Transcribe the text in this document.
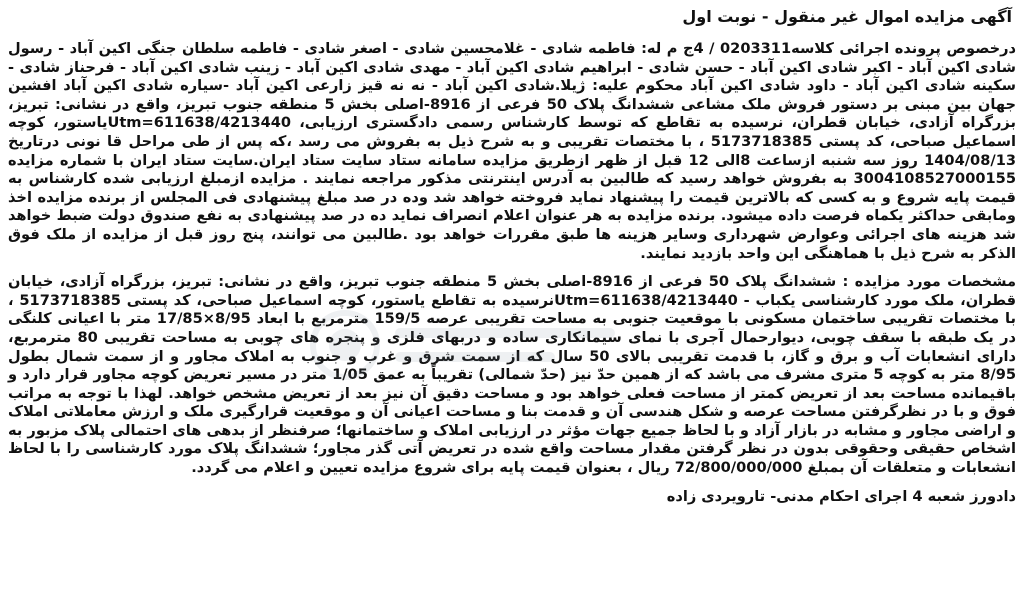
آگهی مزایده اموال غیر منقول - نوبت اول

درخصوص پرونده اجرائی کلاسه0203311 / 4ج م له: فاطمه شادی - غلامحسین شادی - اصغر شادی - فاطمه سلطان جنگی اکین آباد - رسول شادی اکین آباد - اکبر شادی اکین آباد - حسن شادی - ابراهیم شادی اکین آباد - مهدی شادی اکین آباد - زینب شادی اکین آباد - فرحناز شادی - سکینه شادی اکین آباد - داود شادی اکین آباد محکوم علیه: ژیلا.شادی اکین آباد - نه نه قیز زارعی اکین آباد -سیاره شادی اکین آباد افشین جهان بین مبنی بر دستور فروش ملک مشاعی ششدانگ پلاک 50 فرعی از 8916-اصلی بخش 5 منطقه جنوب تبریز، واقع در نشانی: تبریز، بزرگراه آزادی، خیابان قطران، نرسیده به تقاطع که توسط کارشناس رسمی دادگستری ارزیابی، Utm=611638/4213440یاستور، کوچه اسماعیل صباحی، کد پستی 5173718385 ، با مختصات تقریبی و به شرح ذیل به بفروش می رسد ،که پس از طی مراحل قا نونی درتاریخ 1404/08/13 روز سه شنبه ازساعت 8الی 12 قبل از ظهر ازطریق مزایده سامانه ستاد سایت ستاد ایران.سایت ستاد ایران با شماره مزایده 3004108527000155 به بفروش خواهد رسید که طالبین به آدرس اینترنتی مذکور مراجعه نمایند . مزایده ازمبلغ ارزیابی شده کارشناس به قیمت پایه شروع و به کسی که بالاترین قیمت را پیشنهاد نماید فروخته خواهد شد وده در صد مبلغ پیشنهادی فی المجلس از برنده مزایده اخذ ومابقی حداکثر یکماه فرصت داده میشود. برنده مزایده به هر عنوان اعلام انصراف نماید ده در صد پیشنهادی به نفع صندوق دولت ضبط خواهد شد هزینه های اجرائی وعوارض شهرداری وسایر هزینه ها طبق مقررات خواهد بود .طالبین می توانند، پنج روز قبل از مزایده از ملک فوق الذکر به شرح ذیل با هماهنگی این واحد بازدید نمایند.

مشخصات مورد مزایده : ششدانگ پلاک 50 فرعی از 8916-اصلی بخش 5 منطقه جنوب تبریز، واقع در نشانی: تبریز، بزرگراه آزادی، خیابان قطران، ملک مورد کارشناسی یکباب - Utm=611638/4213440نرسیده به تقاطع یاستور، کوچه اسماعیل صباحی، کد پستی 5173718385 ، با مختصات تقریبی ساختمان مسکونی با موقعیت جنوبی به مساحت تقریبی عرصه 159/5 مترمربع با ابعاد 8/95×17/85 متر با اعیانی کلنگی در یک طبقه با سقف چوبی، دیوارحمال آجری با نمای سیمانکاری ساده و دربهای فلزی و پنجره های چوبی به مساحت تقریبی 80 مترمربع، دارای انشعابات آب و برق و گاز، با قدمت تقریبی بالای 50 سال که از سمت شرق و غرب و جنوب به املاک مجاور و از سمت شمال بطول 8/95 متر به کوچه 5 متری مشرف می باشد که از همین حدّ نیز (حدّ شمالی) تقریباً به عمق 1/05 متر در مسیر تعریض کوچه مجاور قرار دارد و باقیمانده مساحت بعد از تعریض کمتر از مساحت فعلی خواهد بود و مساحت دقیق آن نیز بعد از تعریض مشخص خواهد. لهذا با توجه به مراتب فوق و با در نظرگرفتن مساحت عرصه و شکل هندسی آن و قدمت بنا و مساحت اعیانی آن و موقعیت قرارگیری ملک و ارزش معاملاتی املاک و اراضی مجاور و مشابه در بازار آزاد و با لحاظ جمیع جهات مؤثر در ارزیابی املاک و ساختمانها؛ صرفنظر از بدهی های احتمالی پلاک مزبور به اشخاص حقیقی وحقوقی بدون در نظر گرفتن مقدار مساحت واقع شده در تعریض آتی گذر مجاور؛ ششدانگ پلاک مورد کارشناسی را با لحاظ انشعابات و متعلقات آن بمبلغ 72/800/000/000 ریال ، بعنوان قیمت پایه برای شروع مزایده تعیین و اعلام می گردد.

دادورز شعبه 4 اجرای احکام مدنی- تارویردی زاده
